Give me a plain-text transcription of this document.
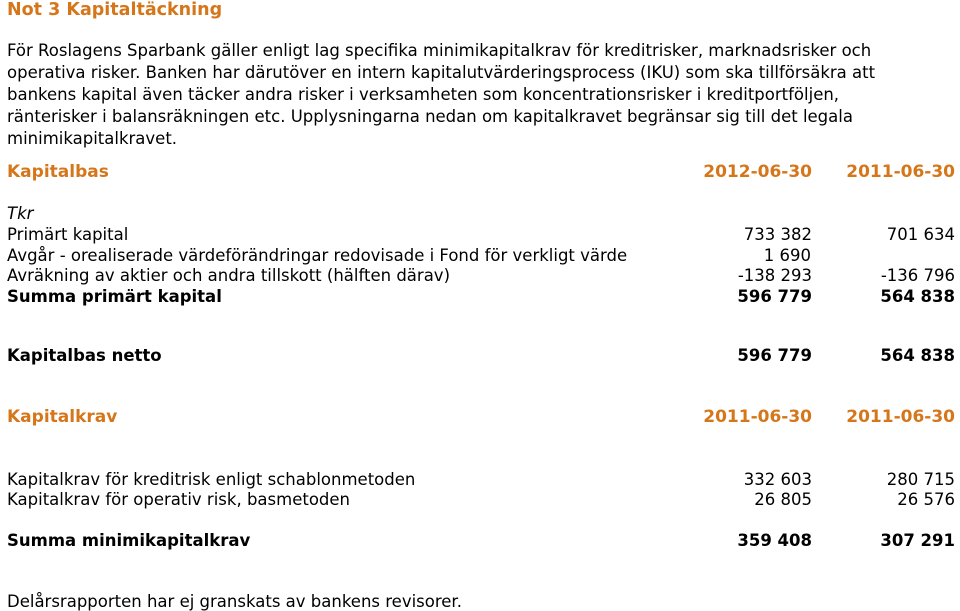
Not 3 Kapitaltäckning
För Roslagens Sparbank gäller enligt lag specifika minimikapitalkrav för kreditrisker, marknadsrisker och operativa risker. Banken har därutöver en intern kapitalutvärderingsprocess (IKU) som ska tillförsäkra att bankens kapital även täcker andra risker i verksamheten som koncentrationsrisker i kreditportföljen, ränterisker i balansräkningen etc. Upplysningarna nedan om kapitalkravet begränsar sig till det legala minimikapitalkravet.
Kapitalbas	2012-06-30 2011-06-30
Tkr
Primärt kapital	733 382	701 634
Avgår - orealiserade värdeförändringar redovisade i Fond för verkligt värde	1 690
Avräkning av aktier och andra tillskott (hälften därav)	-138 293	-136 796
Summa primärt kapital	596 779	564 838
Kapitalbas netto	596 779	564 838
Kapitalkrav	2011-06-30 2011-06-30
Kapitalkrav för kreditrisk enligt schablonmetoden	332 603	280 715
Kapitalkrav för operativ risk, basmetoden	26 805	26 576
Summa minimikapitalkrav	359 408	307 291
Delårsrapporten har ej granskats av bankens revisorer.
